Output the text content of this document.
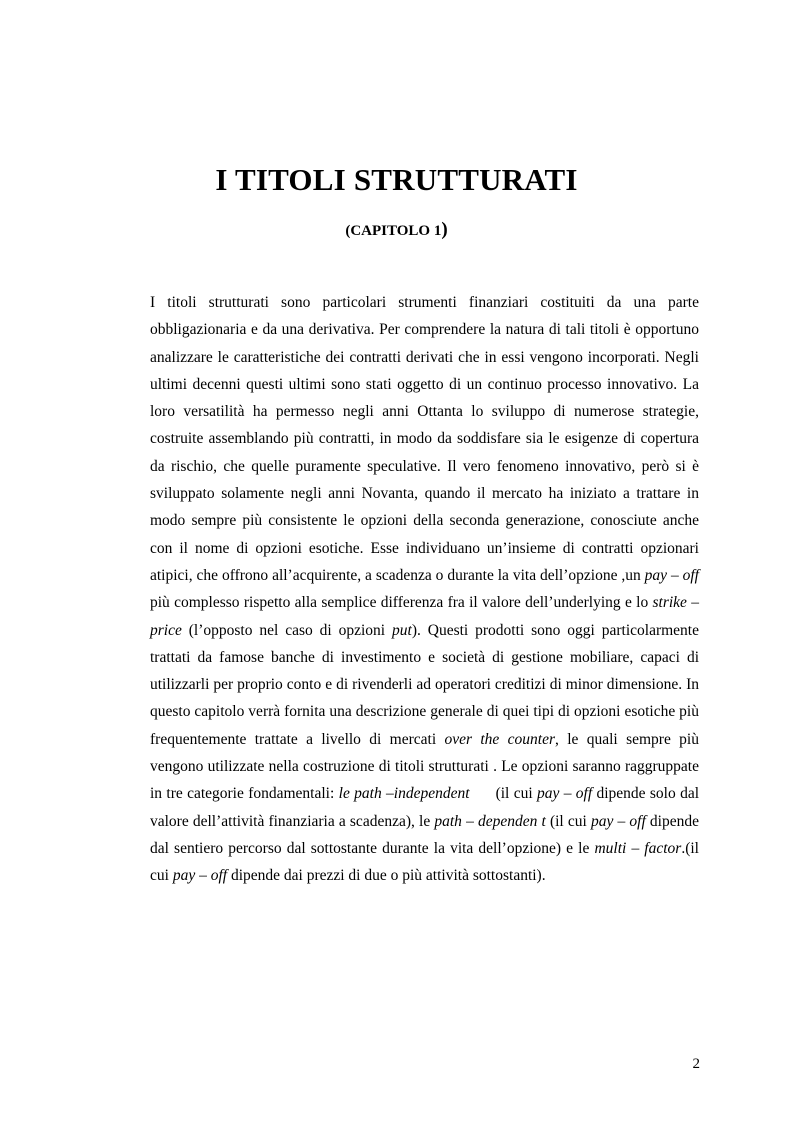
I TITOLI STRUTTURATI

(CAPITOLO 1)

I titoli strutturati sono particolari strumenti finanziari costituiti da una parte obbligazionaria e da una derivativa. Per comprendere la natura di tali titoli è opportuno analizzare le caratteristiche dei contratti derivati che in essi vengono incorporati. Negli ultimi decenni questi ultimi sono stati oggetto di un continuo processo innovativo. La loro versatilità ha permesso negli anni Ottanta lo sviluppo di numerose strategie, costruite assemblando più contratti, in modo da soddisfare sia le esigenze di copertura da rischio, che quelle puramente speculative. Il vero fenomeno innovativo, però si è sviluppato solamente negli anni Novanta, quando il mercato ha iniziato a trattare in modo sempre più consistente le opzioni della seconda generazione, conosciute anche con il nome di opzioni esotiche. Esse individuano un’insieme di contratti opzionari atipici, che offrono all’acquirente, a scadenza o durante la vita dell’opzione ,un pay – off più complesso rispetto alla semplice differenza fra il valore dell’underlying e lo strike – price (l’opposto nel caso di opzioni put). Questi prodotti sono oggi particolarmente trattati da famose banche di investimento e società di gestione mobiliare, capaci di utilizzarli per proprio conto e di rivenderli ad operatori creditizi di minor dimensione. In questo capitolo verrà fornita una descrizione generale di quei tipi di opzioni esotiche più frequentemente trattate a livello di mercati over the counter, le quali sempre più vengono utilizzate nella costruzione di titoli strutturati . Le opzioni saranno raggruppate in tre categorie fondamentali: le path –independent      (il cui pay – off dipende solo dal valore dell’attività finanziaria a scadenza), le path – dependen t (il cui pay – off dipende dal sentiero percorso dal sottostante durante la vita dell’opzione) e le multi – factor.(il cui pay – off dipende dai prezzi di due o più attività sottostanti).

2
